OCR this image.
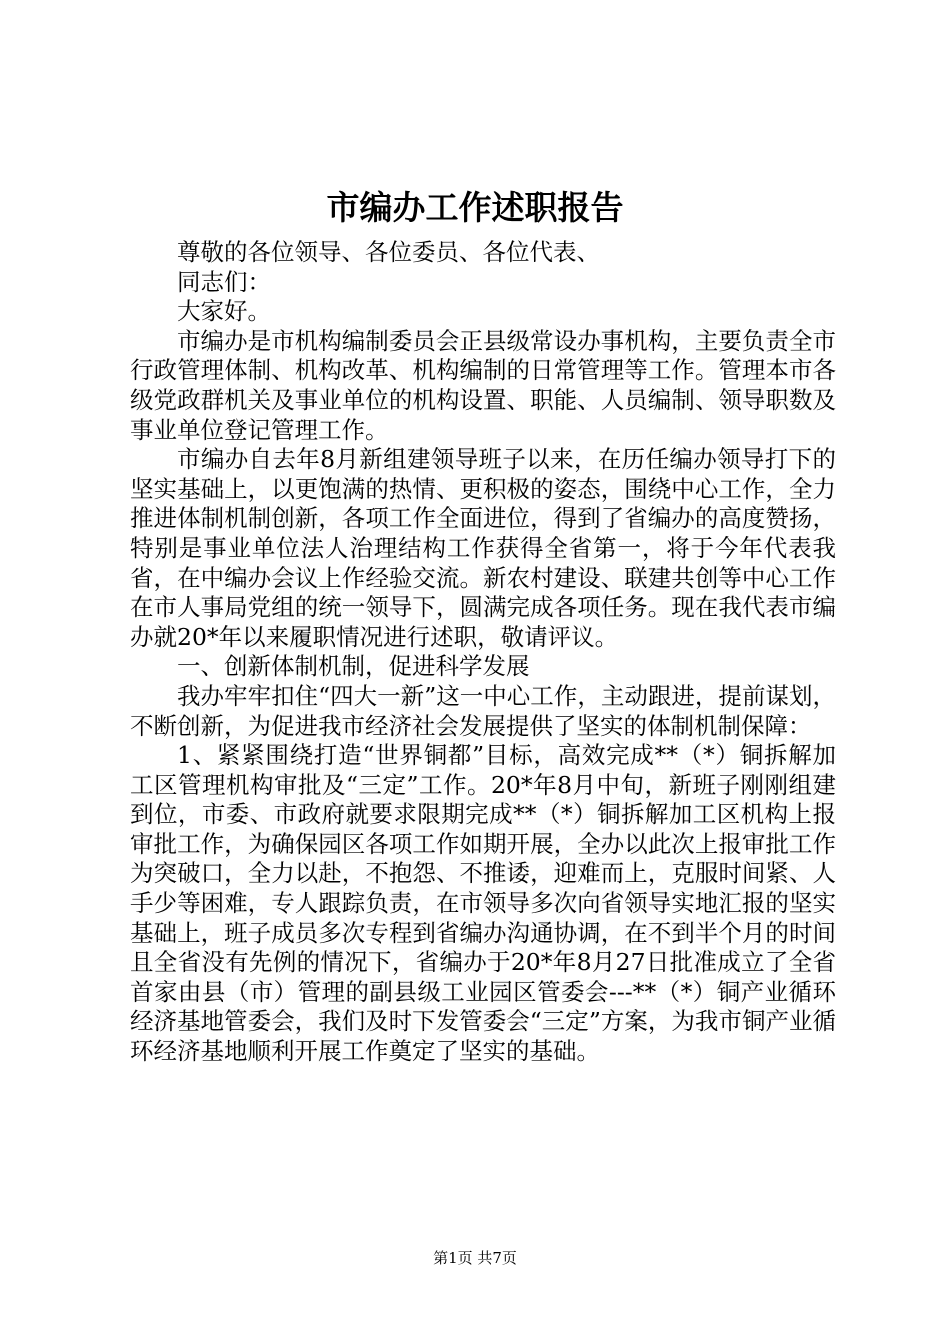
市编办工作述职报告

尊敬的各位领导、各位委员、各位代表、

同志们：

大家好。

市编办是市机构编制委员会正县级常设办事机构，主要负责全市行政管理体制、机构改革、机构编制的日常管理等工作。管理本市各级党政群机关及事业单位的机构设置、职能、人员编制、领导职数及事业单位登记管理工作。

市编办自去年8月新组建领导班子以来，在历任编办领导打下的坚实基础上，以更饱满的热情、更积极的姿态，围绕中心工作，全力推进体制机制创新，各项工作全面进位，得到了省编办的高度赞扬，特别是事业单位法人治理结构工作获得全省第一，将于今年代表我省，在中编办会议上作经验交流。新农村建设、联建共创等中心工作在市人事局党组的统一领导下，圆满完成各项任务。现在我代表市编办就20*年以来履职情况进行述职，敬请评议。

一、创新体制机制，促进科学发展

我办牢牢扣住“四大一新”这一中心工作，主动跟进，提前谋划，不断创新，为促进我市经济社会发展提供了坚实的体制机制保障：

1、紧紧围绕打造“世界铜都”目标，高效完成**（*）铜拆解加工区管理机构审批及“三定”工作。20*年8月中旬，新班子刚刚组建到位，市委、市政府就要求限期完成**（*）铜拆解加工区机构上报审批工作，为确保园区各项工作如期开展，全办以此次上报审批工作为突破口，全力以赴，不抱怨、不推诿，迎难而上，克服时间紧、人手少等困难，专人跟踪负责，在市领导多次向省领导实地汇报的坚实基础上，班子成员多次专程到省编办沟通协调，在不到半个月的时间且全省没有先例的情况下，省编办于20*年8月27日批准成立了全省首家由县（市）管理的副县级工业园区管委会---**（*）铜产业循环经济基地管委会，我们及时下发管委会“三定”方案，为我市铜产业循环经济基地顺利开展工作奠定了坚实的基础。

第1页 共7页
